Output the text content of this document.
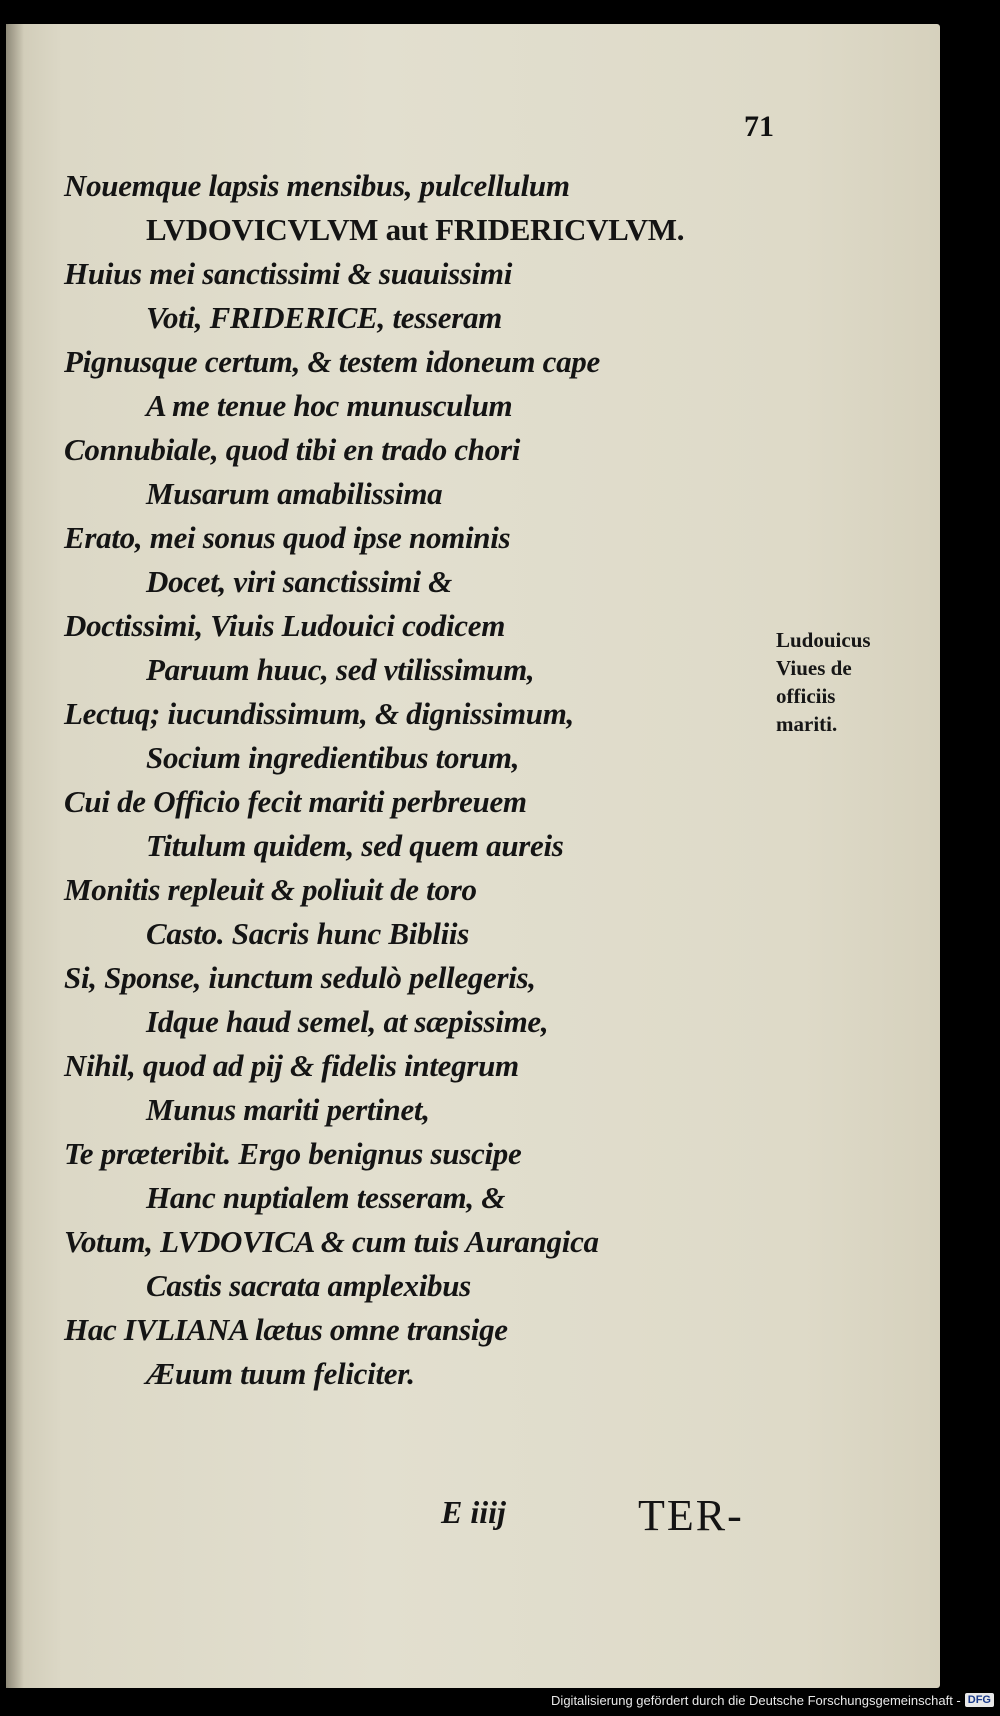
71
Nouemque lapsis mensibus, pulcellulum
LVDOVICVLVM aut FRIDERICVLVM.
Huius mei sanctissimi & suauissimi
Voti, FRIDERICE, tesseram
Pignusque certum, & testem idoneum cape
A me tenue hoc munusculum
Connubiale, quod tibi en trado chori
Musarum amabilissima
Erato, mei sonus quod ipse nominis
Docet, viri sanctissimi &
Doctissimi, Viuis Ludouici codicem
Paruum huuc, sed vtilissimum,
Lectuq; iucundissimum, & dignissimum,
Socium ingredientibus torum,
Cui de Officio fecit mariti perbreuem
Titulum quidem, sed quem aureis
Monitis repleuit & poliuit de toro
Casto. Sacris hunc Bibliis
Si, Sponse, iunctum sedulò pellegeris,
Idque haud semel, at sæpissime,
Nihil, quod ad pij & fidelis integrum
Munus mariti pertinet,
Te præteribit. Ergo benignus suscipe
Hanc nuptialem tesseram, &
Votum, LVDOVICA & cum tuis Aurangica
Castis sacrata amplexibus
Hac IVLIANA lætus omne transige
Æuum tuum feliciter.
Ludouicus
Viues de
officiis
mariti.
E iiij	TER-
Digitalisierung gefördert durch die Deutsche Forschungsgemeinschaft - DFG
